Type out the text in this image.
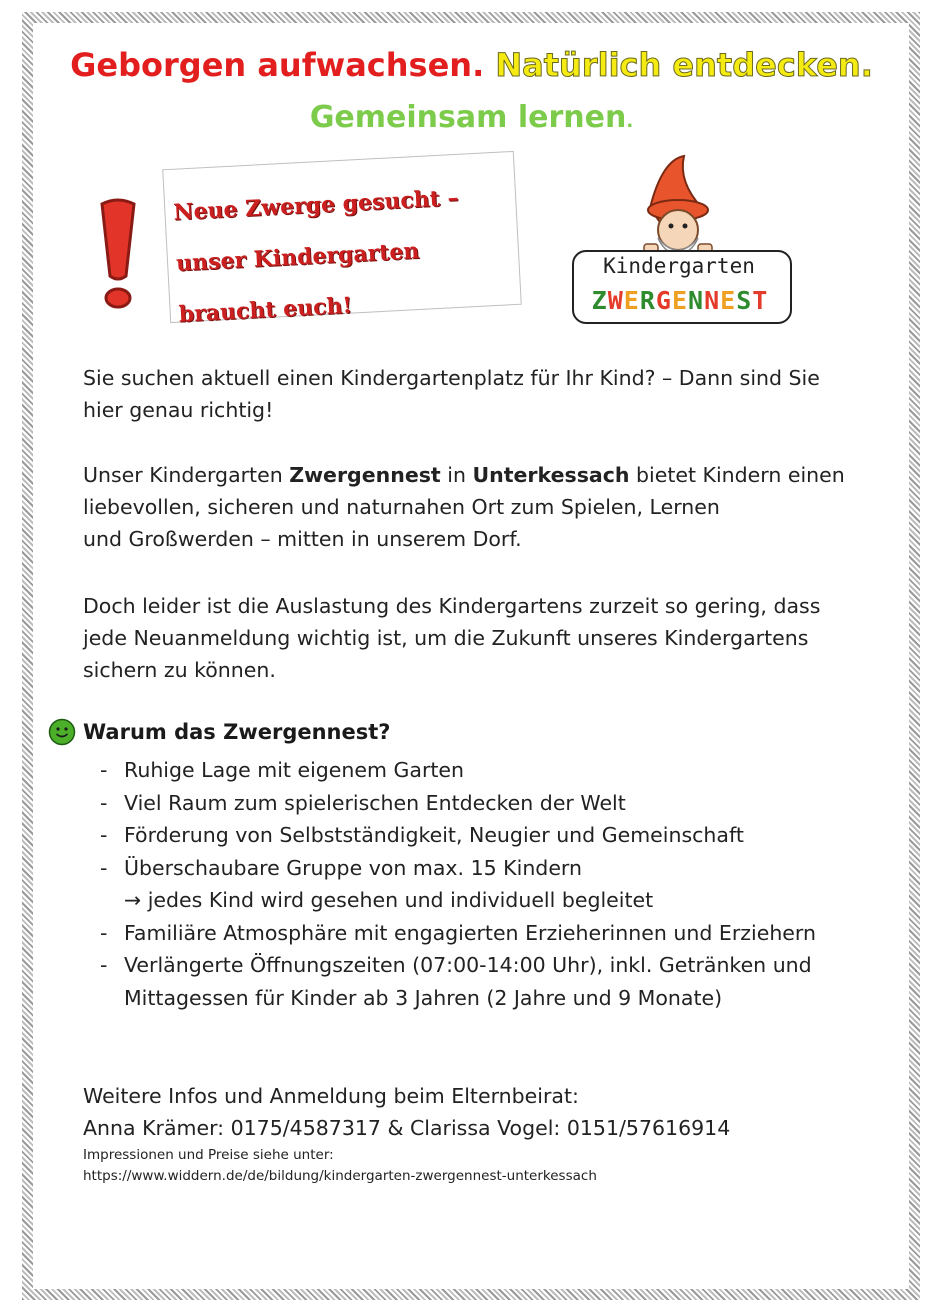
Geborgen aufwachsen. Natürlich entdecken.
Gemeinsam lernen.
Neue Zwerge gesucht –
unser Kindergarten
braucht euch!
Kindergarten
ZWERGENNEST
Sie suchen aktuell einen Kindergartenplatz für Ihr Kind? – Dann sind Sie
hier genau richtig!
Unser Kindergarten Zwergennest in Unterkessach bietet Kindern einen
liebevollen, sicheren und naturnahen Ort zum Spielen, Lernen
und Großwerden – mitten in unserem Dorf.
Doch leider ist die Auslastung des Kindergartens zurzeit so gering, dass
jede Neuanmeldung wichtig ist, um die Zukunft unseres Kindergartens
sichern zu können.
Warum das Zwergennest?
- Ruhige Lage mit eigenem Garten
- Viel Raum zum spielerischen Entdecken der Welt
- Förderung von Selbstständigkeit, Neugier und Gemeinschaft
- Überschaubare Gruppe von max. 15 Kindern
→ jedes Kind wird gesehen und individuell begleitet
- Familiäre Atmosphäre mit engagierten Erzieherinnen und Erziehern
- Verlängerte Öffnungszeiten (07:00-14:00 Uhr), inkl. Getränken und
Mittagessen für Kinder ab 3 Jahren (2 Jahre und 9 Monate)
Weitere Infos und Anmeldung beim Elternbeirat:
Anna Krämer: 0175/4587317 & Clarissa Vogel: 0151/57616914
Impressionen und Preise siehe unter:
https://www.widdern.de/de/bildung/kindergarten-zwergennest-unterkessach
